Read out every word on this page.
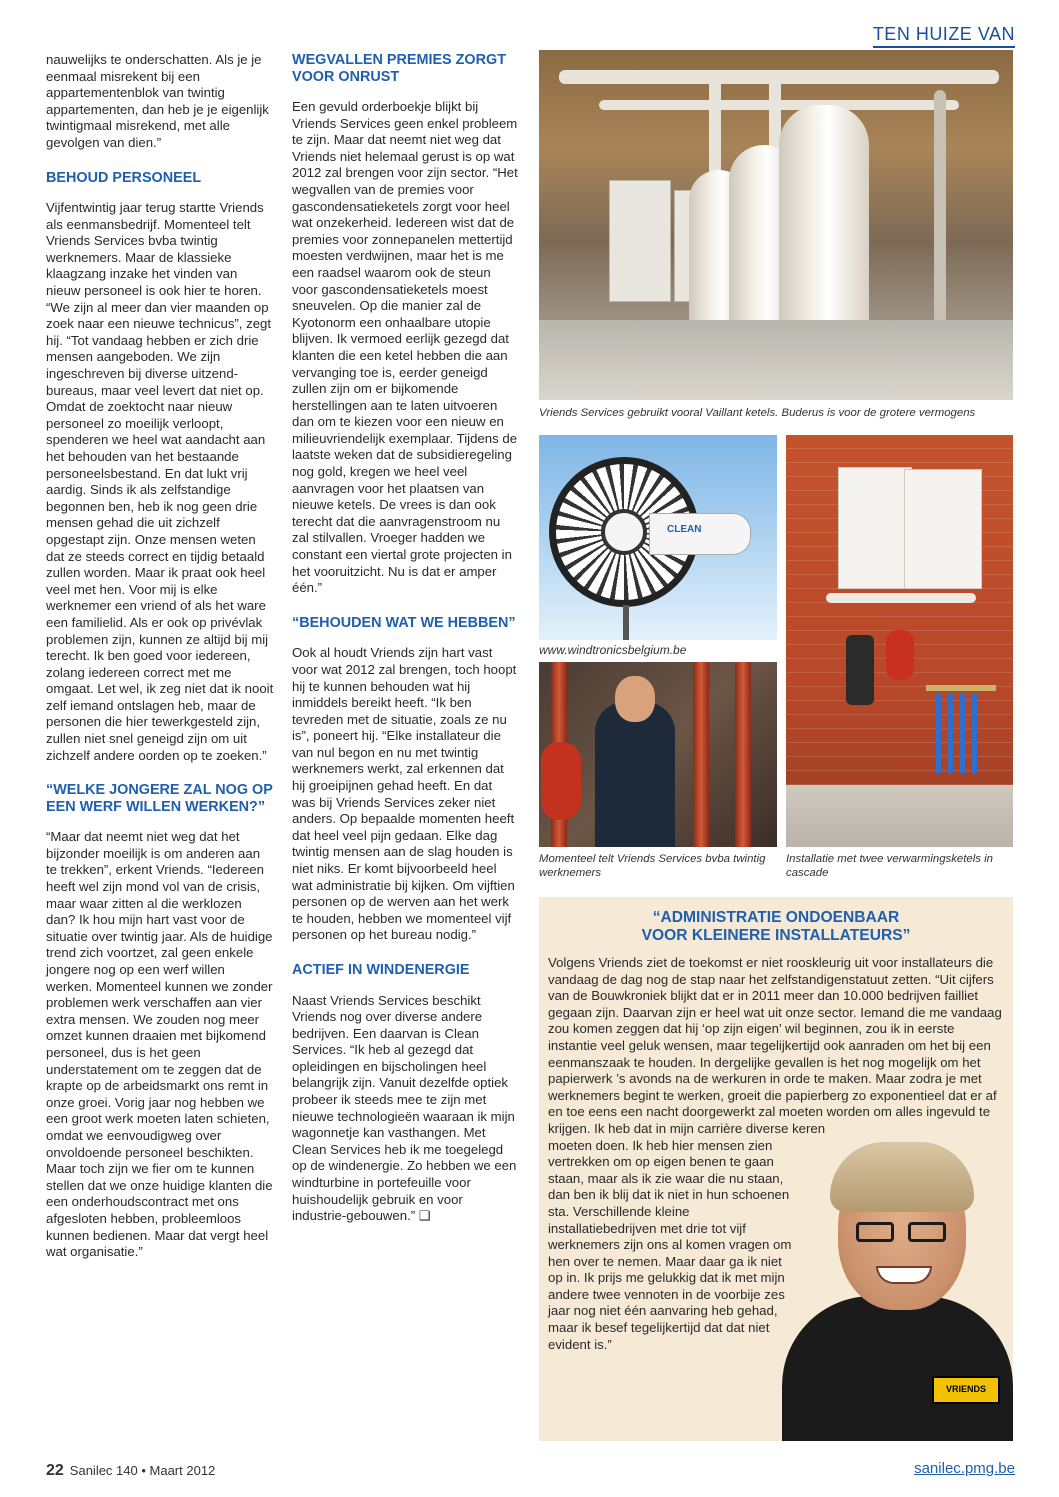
TEN HUIZE VAN

nauwelijks te onderschatten. Als je je eenmaal misrekent bij een appartementenblok van twintig appartementen, dan heb je je eigenlijk twintigmaal misrekend, met alle gevolgen van dien.”

BEHOUD PERSONEEL

Vijfentwintig jaar terug startte Vriends als eenmansbedrijf. Momenteel telt Vriends Services bvba twintig werknemers. Maar de klassieke klaagzang inzake het vinden van nieuw personeel is ook hier te horen. “We zijn al meer dan vier maanden op zoek naar een nieuwe technicus”, zegt hij. “Tot vandaag hebben er zich drie mensen aangeboden. We zijn ingeschreven bij diverse uitzend-bureaus, maar veel levert dat niet op. Omdat de zoektocht naar nieuw personeel zo moeilijk verloopt, spenderen we heel wat aandacht aan het behouden van het bestaande personeelsbestand. En dat lukt vrij aardig. Sinds ik als zelfstandige begonnen ben, heb ik nog geen drie mensen gehad die uit zichzelf opgestapt zijn. Onze mensen weten dat ze steeds correct en tijdig betaald zullen worden. Maar ik praat ook heel veel met hen. Voor mij is elke werknemer een vriend of als het ware een familielid. Als er ook op privévlak problemen zijn, kunnen ze altijd bij mij terecht. Ik ben goed voor iedereen, zolang iedereen correct met me omgaat. Let wel, ik zeg niet dat ik nooit zelf iemand ontslagen heb, maar de personen die hier tewerkgesteld zijn, zullen niet snel geneigd zijn om uit zichzelf andere oorden op te zoeken.”

“WELKE JONGERE ZAL NOG OP EEN WERF WILLEN WERKEN?”

“Maar dat neemt niet weg dat het bijzonder moeilijk is om anderen aan te trekken”, erkent Vriends. “Iedereen heeft wel zijn mond vol van de crisis, maar waar zitten al die werklozen dan? Ik hou mijn hart vast voor de situatie over twintig jaar. Als de huidige trend zich voortzet, zal geen enkele jongere nog op een werf willen werken. Momenteel kunnen we zonder problemen werk verschaffen aan vier extra mensen. We zouden nog meer omzet kunnen draaien met bijkomend personeel, dus is het geen understatement om te zeggen dat de krapte op de arbeidsmarkt ons remt in onze groei. Vorig jaar nog hebben we een groot werk moeten laten schieten, omdat we eenvoudigweg over onvoldoende personeel beschikten. Maar toch zijn we fier om te kunnen stellen dat we onze huidige klanten die een onderhoudscontract met ons afgesloten hebben, probleemloos kunnen bedienen. Maar dat vergt heel wat organisatie.”

WEGVALLEN PREMIES ZORGT VOOR ONRUST

Een gevuld orderboekje blijkt bij Vriends Services geen enkel probleem te zijn. Maar dat neemt niet weg dat Vriends niet helemaal gerust is op wat 2012 zal brengen voor zijn sector. “Het wegvallen van de premies voor gascondensatieketels zorgt voor heel wat onzekerheid. Iedereen wist dat de premies voor zonnepanelen mettertijd moesten verdwijnen, maar het is me een raadsel waarom ook de steun voor gascondensatieketels moest sneuvelen. Op die manier zal de Kyotonorm een onhaalbare utopie blijven. Ik vermoed eerlijk gezegd dat klanten die een ketel hebben die aan vervanging toe is, eerder geneigd zullen zijn om er bijkomende herstellingen aan te laten uitvoeren dan om te kiezen voor een nieuw en milieuvriendelijk exemplaar. Tijdens de laatste weken dat de subsidieregeling nog gold, kregen we heel veel aanvragen voor het plaatsen van nieuwe ketels. De vrees is dan ook terecht dat die aanvragenstroom nu zal stilvallen. Vroeger hadden we constant een viertal grote projecten in het vooruitzicht. Nu is dat er amper één.”

“BEHOUDEN WAT WE HEBBEN”

Ook al houdt Vriends zijn hart vast voor wat 2012 zal brengen, toch hoopt hij te kunnen behouden wat hij inmiddels bereikt heeft. “Ik ben tevreden met de situatie, zoals ze nu is”, poneert hij. “Elke installateur die van nul begon en nu met twintig werknemers werkt, zal erkennen dat hij groeipijnen gehad heeft. En dat was bij Vriends Services zeker niet anders. Op bepaalde momenten heeft dat heel veel pijn gedaan. Elke dag twintig mensen aan de slag houden is niet niks. Er komt bijvoorbeeld heel wat administratie bij kijken. Om vijftien personen op de werven aan het werk te houden, hebben we momenteel vijf personen op het bureau nodig.”

ACTIEF IN WINDENERGIE

Naast Vriends Services beschikt Vriends nog over diverse andere bedrijven. Een daarvan is Clean Services. “Ik heb al gezegd dat opleidingen en bijscholingen heel belangrijk zijn. Vanuit dezelfde optiek probeer ik steeds mee te zijn met nieuwe technologieën waaraan ik mijn wagonnetje kan vasthangen. Met Clean Services heb ik me toegelegd op de windenergie. Zo hebben we een windturbine in portefeuille voor huishoudelijk gebruik en voor industrie-gebouwen.” ❑

Vriends Services gebruikt vooral Vaillant ketels. Buderus is voor de grotere vermogens
CLEAN
www.windtronicsbelgium.be
Momenteel telt Vriends Services bvba twintig werknemers
Installatie met twee verwarmingsketels in cascade
“ADMINISTRATIE ONDOENBAAR
VOOR KLEINERE INSTALLATEURS”

Volgens Vriends ziet de toekomst er niet rooskleurig uit voor installateurs die vandaag de dag nog de stap naar het zelfstandigenstatuut zetten. “Uit cijfers van de Bouwkroniek blijkt dat er in 2011 meer dan 10.000 bedrijven failliet gegaan zijn. Daarvan zijn er heel wat uit onze sector. Iemand die me vandaag zou komen zeggen dat hij ‘op zijn eigen’ wil beginnen, zou ik in eerste instantie veel geluk wensen, maar tegelijkertijd ook aanraden om het bij een eenmanszaak te houden. In dergelijke gevallen is het nog mogelijk om het papierwerk ’s avonds na de werkuren in orde te maken. Maar zodra je met werknemers begint te werken, groeit die papierberg zo exponentieel dat er af en toe eens een nacht doorgewerkt zal moeten worden om alles ingevuld te krijgen. Ik heb dat in mijn carrière diverse keren

moeten doen. Ik heb hier mensen zien vertrekken om op eigen benen te gaan staan, maar als ik zie waar die nu staan, dan ben ik blij dat ik niet in hun schoenen sta. Verschillende kleine installatiebedrijven met drie tot vijf werknemers zijn ons al komen vragen om hen over te nemen. Maar daar ga ik niet op in. Ik prijs me gelukkig dat ik met mijn andere twee vennoten in de voorbije zes jaar nog niet één aanvaring heb gehad, maar ik besef tegelijkertijd dat dat niet evident is.”

VRIENDS
22 Sanilec 140 • Maart 2012	sanilec.pmg.be
